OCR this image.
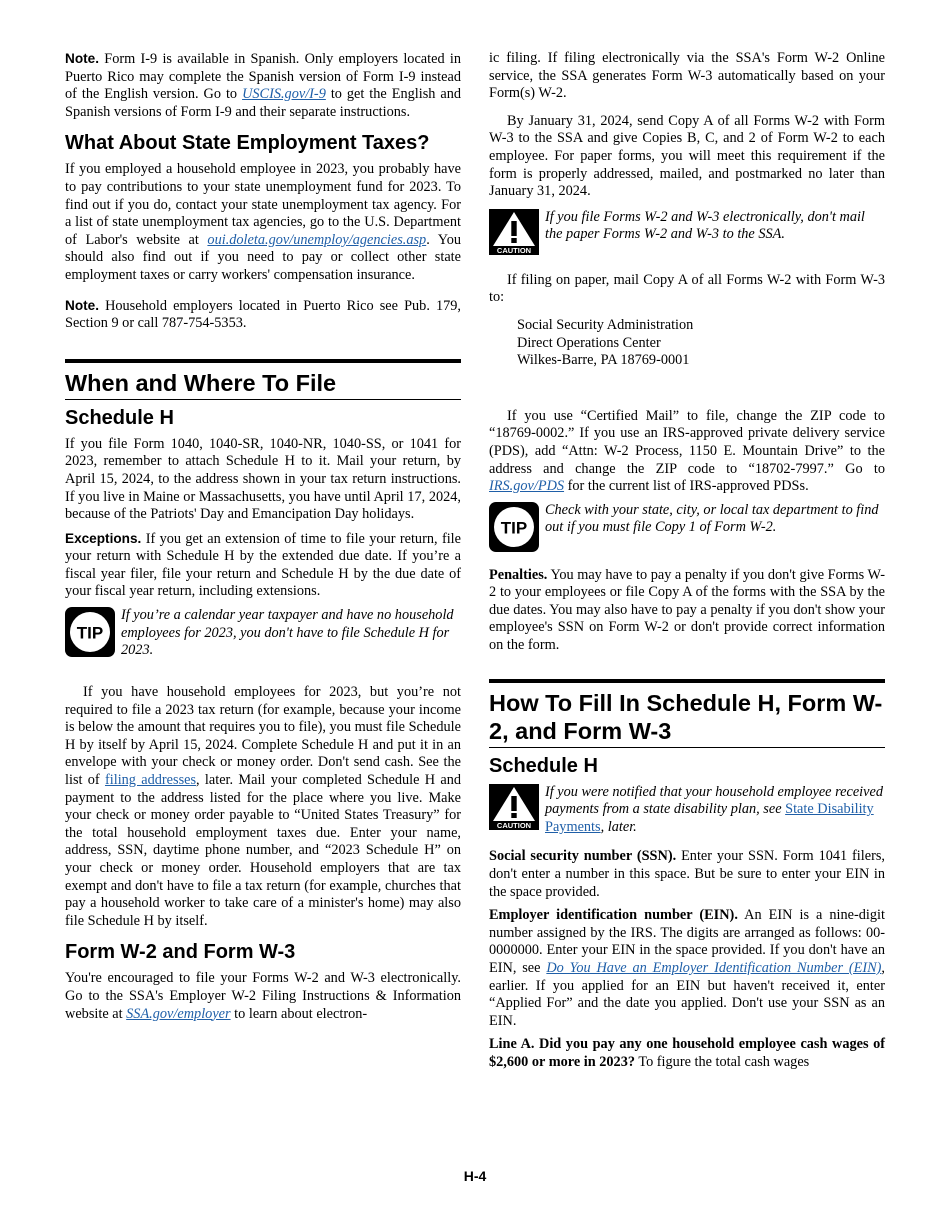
Note. Form I-9 is available in Spanish. Only employers located in Puerto Rico may complete the Spanish version of Form I-9 instead of the English version. Go to USCIS.gov/I-9 to get the English and Spanish versions of Form I-9 and their separate instructions.

What About State Employment Taxes?

If you employed a household employee in 2023, you probably have to pay contributions to your state unemployment fund for 2023. To find out if you do, contact your state unemployment tax agency. For a list of state unemployment tax agencies, go to the U.S. Department of Labor's website at oui.doleta.gov/unemploy/agencies.asp. You should also find out if you need to pay or collect other state employment taxes or carry workers' compensation insurance.

Note. Household employers located in Puerto Rico see Pub. 179, Section 9 or call 787-754-5353.

When and Where To File
Schedule H

If you file Form 1040, 1040-SR, 1040-NR, 1040-SS, or 1041 for 2023, remember to attach Schedule H to it. Mail your return, by April 15, 2024, to the address shown in your tax return instructions. If you live in Maine or Massachusetts, you have until April 17, 2024, because of the Patriots' Day and Emancipation Day holidays.

Exceptions. If you get an extension of time to file your return, file your return with Schedule H by the extended due date. If you’re a fiscal year filer, file your return and Schedule H by the due date of your fiscal year return, including extensions.

TIP
If you’re a calendar year taxpayer and have no household employees for 2023, you don't have to file Schedule H for 2023.

If you have household employees for 2023, but you’re not required to file a 2023 tax return (for example, because your income is below the amount that requires you to file), you must file Schedule H by itself by April 15, 2024. Complete Schedule H and put it in an envelope with your check or money order. Don't send cash. See the list of filing addresses, later. Mail your completed Schedule H and payment to the address listed for the place where you live. Make your check or money order payable to “United States Treasury” for the total household employment taxes due. Enter your name, address, SSN, daytime phone number, and “2023 Schedule H” on your check or money order. Household employers that are tax exempt and don't have to file a tax return (for example, churches that pay a household worker to take care of a minister's home) may also file Schedule H by itself.

Form W-2 and Form W-3

You're encouraged to file your Forms W-2 and W-3 electronically. Go to the SSA's Employer W-2 Filing Instructions & Information website at SSA.gov/employer to learn about electron-

ic filing. If filing electronically via the SSA's Form W-2 Online service, the SSA generates Form W-3 automatically based on your Form(s) W-2.

By January 31, 2024, send Copy A of all Forms W-2 with Form W-3 to the SSA and give Copies B, C, and 2 of Form W-2 to each employee. For paper forms, you will meet this requirement if the form is properly addressed, mailed, and postmarked no later than January 31, 2024.

CAUTION
If you file Forms W-2 and W-3 electronically, don't mail the paper Forms W-2 and W-3 to the SSA.

If filing on paper, mail Copy A of all Forms W-2 with Form W-3 to:

Social Security Administration
Direct Operations Center
Wilkes-Barre, PA 18769-0001

If you use “Certified Mail” to file, change the ZIP code to “18769-0002.” If you use an IRS-approved private delivery service (PDS), add “Attn: W-2 Process, 1150 E. Mountain Drive” to the address and change the ZIP code to “18702-7997.” Go to IRS.gov/PDS for the current list of IRS-approved PDSs.

TIP
Check with your state, city, or local tax department to find out if you must file Copy 1 of Form W-2.

Penalties. You may have to pay a penalty if you don't give Forms W-2 to your employees or file Copy A of the forms with the SSA by the due dates. You may also have to pay a penalty if you don't show your employee's SSN on Form W-2 or don't provide correct information on the form.

How To Fill In Schedule H, Form W-2, and Form W-3
Schedule H
CAUTION
If you were notified that your household employee received payments from a state disability plan, see State Disability Payments, later.

Social security number (SSN). Enter your SSN. Form 1041 filers, don't enter a number in this space. But be sure to enter your EIN in the space provided.

Employer identification number (EIN). An EIN is a nine-digit number assigned by the IRS. The digits are arranged as follows: 00-0000000. Enter your EIN in the space provided. If you don't have an EIN, see Do You Have an Employer Identification Number (EIN), earlier. If you applied for an EIN but haven't received it, enter “Applied For” and the date you applied. Don't use your SSN as an EIN.

Line A. Did you pay any one household employee cash wages of $2,600 or more in 2023? To figure the total cash wages

H-4
